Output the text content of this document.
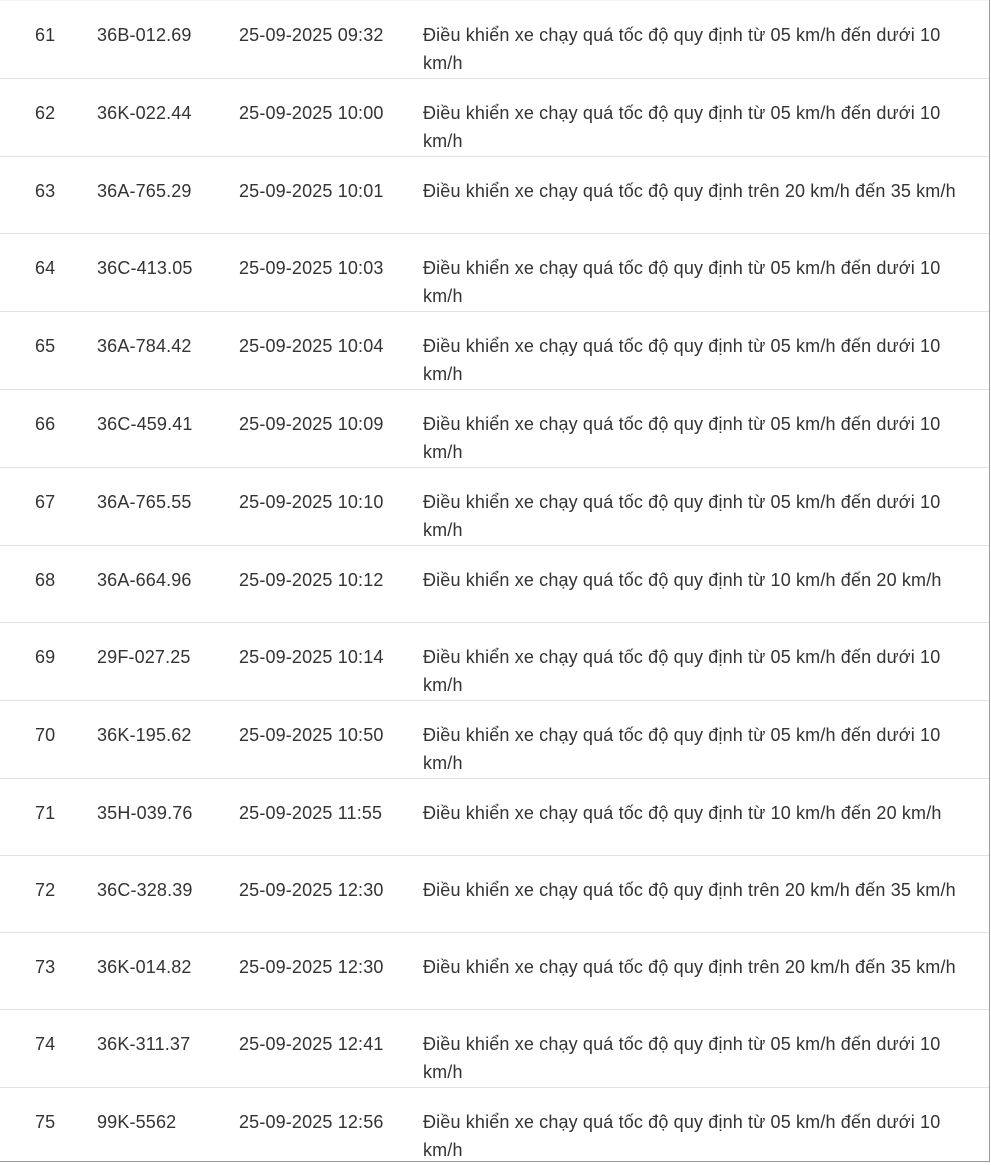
61	36B-012.69	25-09-2025 09:32	Điều khiển xe chạy quá tốc độ quy định từ 05 km/h đến dưới 10 km/h
62	36K-022.44	25-09-2025 10:00	Điều khiển xe chạy quá tốc độ quy định từ 05 km/h đến dưới 10 km/h
63	36A-765.29	25-09-2025 10:01	Điều khiển xe chạy quá tốc độ quy định trên 20 km/h đến 35 km/h
64	36C-413.05	25-09-2025 10:03	Điều khiển xe chạy quá tốc độ quy định từ 05 km/h đến dưới 10 km/h
65	36A-784.42	25-09-2025 10:04	Điều khiển xe chạy quá tốc độ quy định từ 05 km/h đến dưới 10 km/h
66	36C-459.41	25-09-2025 10:09	Điều khiển xe chạy quá tốc độ quy định từ 05 km/h đến dưới 10 km/h
67	36A-765.55	25-09-2025 10:10	Điều khiển xe chạy quá tốc độ quy định từ 05 km/h đến dưới 10 km/h
68	36A-664.96	25-09-2025 10:12	Điều khiển xe chạy quá tốc độ quy định từ 10 km/h đến 20 km/h
69	29F-027.25	25-09-2025 10:14	Điều khiển xe chạy quá tốc độ quy định từ 05 km/h đến dưới 10 km/h
70	36K-195.62	25-09-2025 10:50	Điều khiển xe chạy quá tốc độ quy định từ 05 km/h đến dưới 10 km/h
71	35H-039.76	25-09-2025 11:55	Điều khiển xe chạy quá tốc độ quy định từ 10 km/h đến 20 km/h
72	36C-328.39	25-09-2025 12:30	Điều khiển xe chạy quá tốc độ quy định trên 20 km/h đến 35 km/h
73	36K-014.82	25-09-2025 12:30	Điều khiển xe chạy quá tốc độ quy định trên 20 km/h đến 35 km/h
74	36K-311.37	25-09-2025 12:41	Điều khiển xe chạy quá tốc độ quy định từ 05 km/h đến dưới 10 km/h
75	99K-5562	25-09-2025 12:56	Điều khiển xe chạy quá tốc độ quy định từ 05 km/h đến dưới 10 km/h
